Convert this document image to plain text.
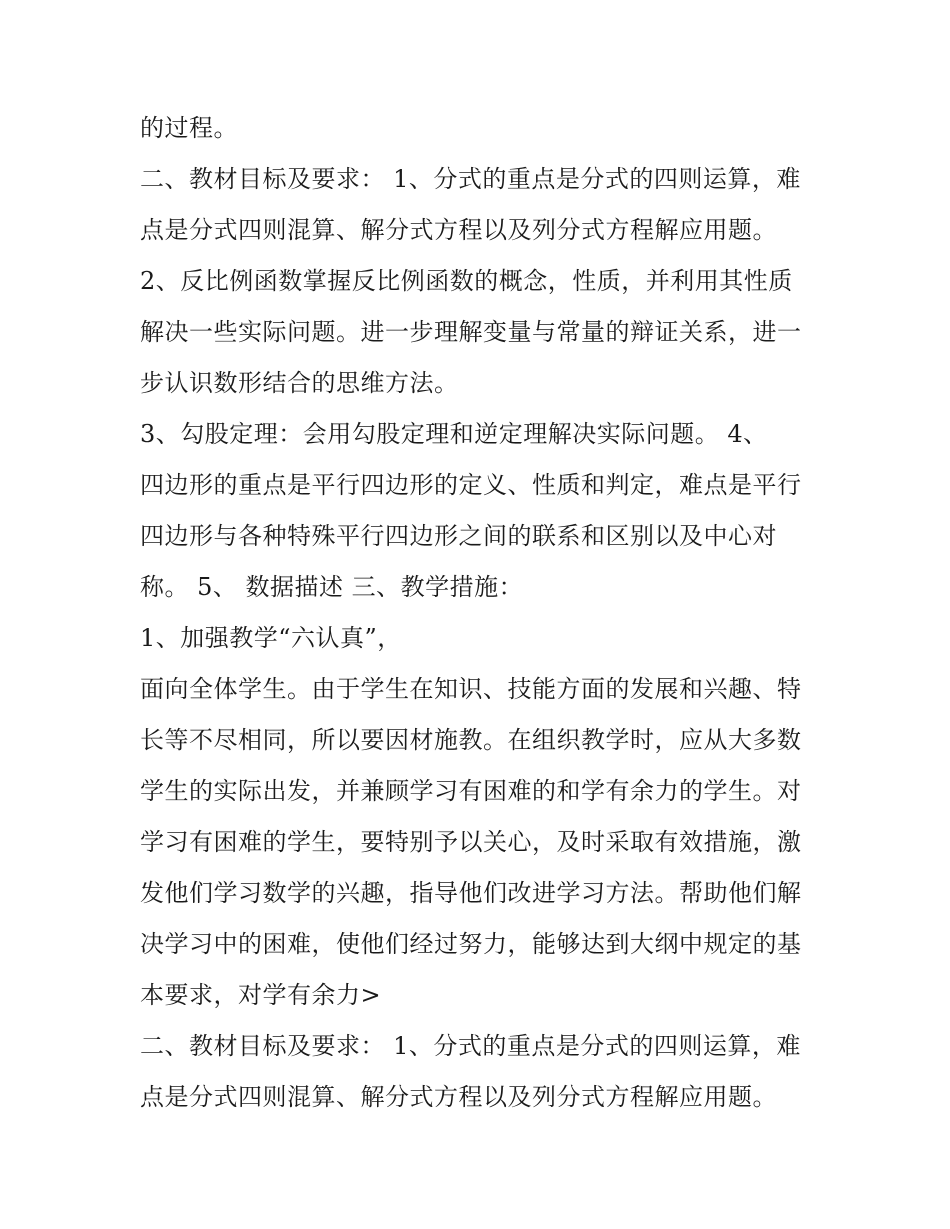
的过程。
二、教材目标及要求： 1、分式的重点是分式的四则运算，难
点是分式四则混算、解分式方程以及列分式方程解应用题。
2、反比例函数掌握反比例函数的概念，性质，并利用其性质
解决一些实际问题。进一步理解变量与常量的辩证关系，进一
步认识数形结合的思维方法。
3、勾股定理：会用勾股定理和逆定理解决实际问题。 4、
四边形的重点是平行四边形的定义、性质和判定，难点是平行
四边形与各种特殊平行四边形之间的联系和区别以及中心对
称。 5、 数据描述 三、教学措施：
1、加强教学“六认真”，
面向全体学生。由于学生在知识、技能方面的发展和兴趣、特
长等不尽相同，所以要因材施教。在组织教学时，应从大多数
学生的实际出发，并兼顾学习有困难的和学有余力的学生。对
学习有困难的学生，要特别予以关心，及时采取有效措施，激
发他们学习数学的兴趣，指导他们改进学习方法。帮助他们解
决学习中的困难，使他们经过努力，能够达到大纲中规定的基
本要求，对学有余力>
二、教材目标及要求： 1、分式的重点是分式的四则运算，难
点是分式四则混算、解分式方程以及列分式方程解应用题。
